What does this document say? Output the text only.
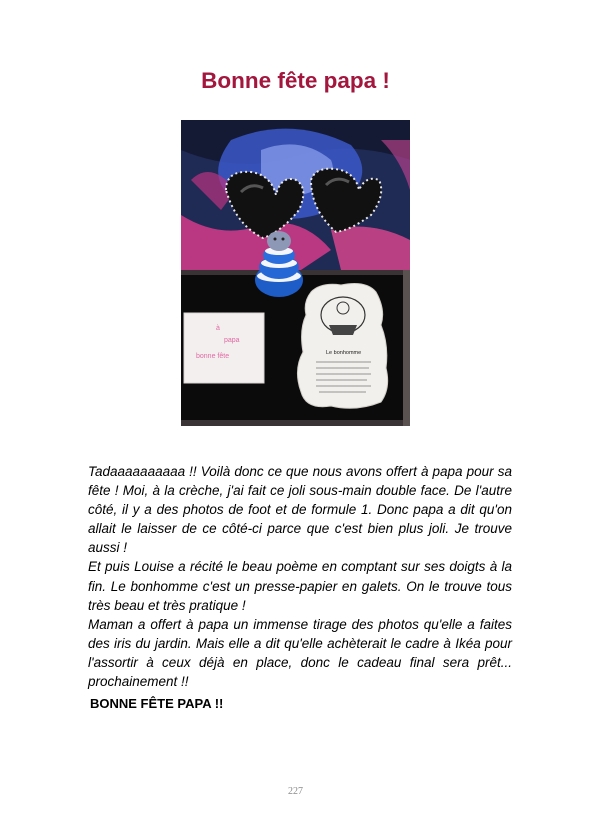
Bonne fête papa !
à
papa
bonne fête	Le bonhomme

Tadaaaaaaaaaa !! Voilà donc ce que nous avons offert à papa pour sa fête ! Moi, à la crèche, j'ai fait ce joli sous-main double face. De l'autre côté, il y a des photos de foot et de formule 1. Donc papa a dit qu'on allait le laisser de ce côté-ci parce que c'est bien plus joli. Je trouve aussi !

Et puis Louise a récité le beau poème en comptant sur ses doigts à la fin. Le bonhomme c'est un presse-papier en galets. On le trouve tous très beau et très pratique !

Maman a offert à papa un immense tirage des photos qu'elle a faites des iris du jardin. Mais elle a dit qu'elle achèterait le cadre à Ikéa pour l'assortir à ceux déjà en place, donc le cadeau final sera prêt... prochainement !!

BONNE FÊTE PAPA !!
227
